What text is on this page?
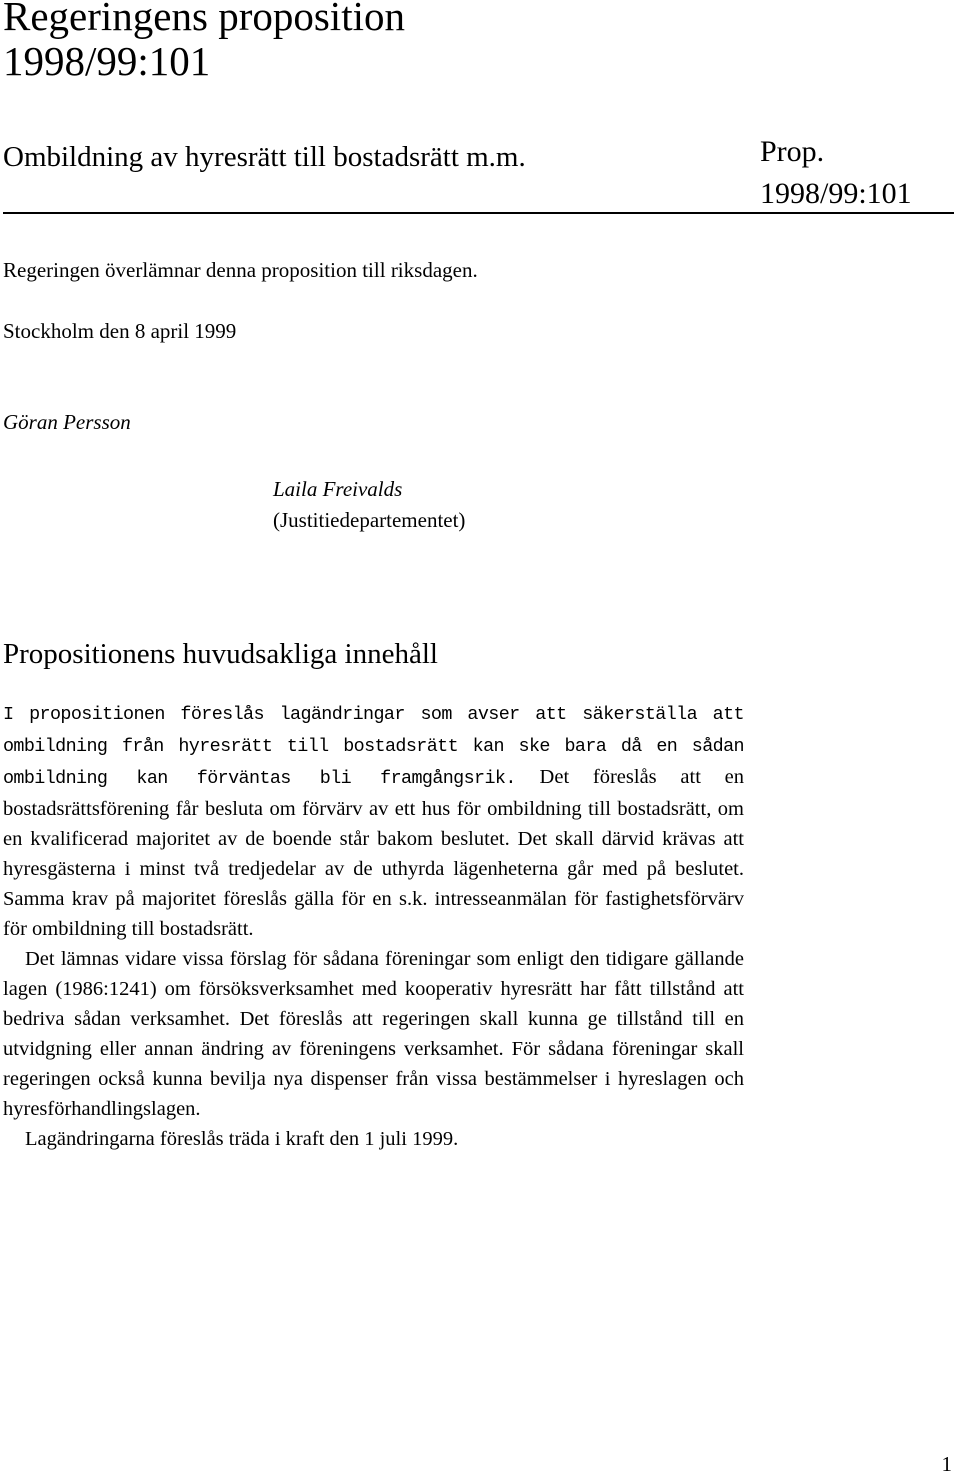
Regeringens proposition
1998/99:101
Ombildning av hyresrätt till bostadsrätt m.m.	Prop.
1998/99:101
Regeringen överlämnar denna proposition till riksdagen.
Stockholm den 8 april 1999
Göran Persson
Laila Freivalds
(Justitiedepartementet)
Propositionens huvudsakliga innehåll

I propositionen föreslås lagändringar som avser att säkerställa att ombildning från hyresrätt till bostadsrätt kan ske bara då en sådan ombildning kan förväntas bli framgångsrik. Det föreslås att en bostadsrättsförening får besluta om förvärv av ett hus för ombildning till bostadsrätt, om en kvalificerad majoritet av de boende står bakom beslutet. Det skall därvid krävas att hyresgästerna i minst två tredjedelar av de uthyrda lägenheterna går med på beslutet. Samma krav på majoritet föreslås gälla för en s.k. intresseanmälan för fastighetsförvärv för ombildning till bostadsrätt.

Det lämnas vidare vissa förslag för sådana föreningar som enligt den tidigare gällande lagen (1986:1241) om försöksverksamhet med kooperativ hyresrätt har fått tillstånd att bedriva sådan verksamhet. Det föreslås att regeringen skall kunna ge tillstånd till en utvidgning eller annan ändring av föreningens verksamhet. För sådana föreningar skall regeringen också kunna bevilja nya dispenser från vissa bestämmelser i hyreslagen och hyresförhandlingslagen.

Lagändringarna föreslås träda i kraft den 1 juli 1999.

1
